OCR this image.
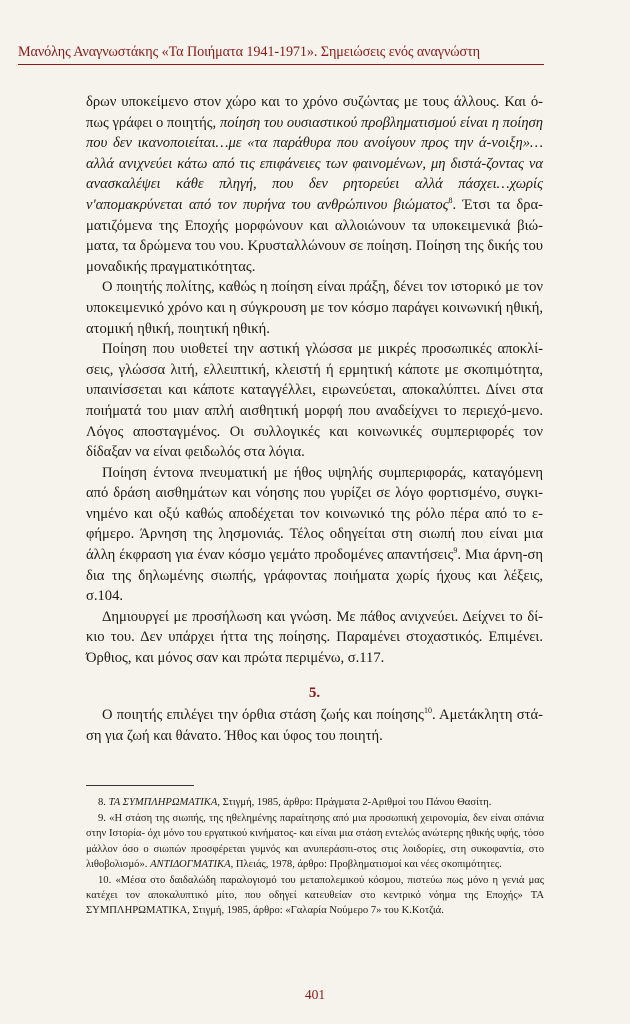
Μανόλης Αναγνωστάκης «Τα Ποιήματα 1941-1971». Σημειώσεις ενός αναγνώστη

δρων υποκείμενο στον χώρο και το χρόνο συζώντας με τους άλλους. Και ό-πως γράφει ο ποιητής, ποίηση του ουσιαστικού προβληματισμού είναι η ποίηση που δεν ικανοποιείται…με «τα παράθυρα που ανοίγουν προς την ά-νοιξη»…αλλά ανιχνεύει κάτω από τις επιφάνειες των φαινομένων, μη διστά-ζοντας να ανασκαλέψει κάθε πληγή, που δεν ρητορεύει αλλά πάσχει…χωρίς ν'απομακρύνεται από τον πυρήνα του ανθρώπινου βιώματος$^8$. Έτσι τα δρα-ματιζόμενα της Εποχής μορφώνουν και αλλοιώνουν τα υποκειμενικά βιώ-ματα, τα δρώμενα του νου. Κρυσταλλώνουν σε ποίηση. Ποίηση της δικής του μοναδικής πραγματικότητας.

Ο ποιητής πολίτης, καθώς η ποίηση είναι πράξη, δένει τον ιστορικό με τον υποκειμενικό χρόνο και η σύγκρουση με τον κόσμο παράγει κοινωνική ηθική, ατομική ηθική, ποιητική ηθική.

Ποίηση που υιοθετεί την αστική γλώσσα με μικρές προσωπικές αποκλί-σεις, γλώσσα λιτή, ελλειπτική, κλειστή ή ερμητική κάποτε με σκοπιμότητα, υπαινίσσεται και κάποτε καταγγέλλει, ειρωνεύεται, αποκαλύπτει. Δίνει στα ποιήματά του μιαν απλή αισθητική μορφή που αναδείχνει το περιεχό-μενο. Λόγος αποσταγμένος. Οι συλλογικές και κοινωνικές συμπεριφορές τον δίδαξαν να είναι φειδωλός στα λόγια.

Ποίηση έντονα πνευματική με ήθος υψηλής συμπεριφοράς, καταγόμενη από δράση αισθημάτων και νόησης που γυρίζει σε λόγο φορτισμένο, συγκι-νημένο και οξύ καθώς αποδέχεται τον κοινωνικό της ρόλο πέρα από το ε-φήμερο. Άρνηση της λησμονιάς. Τέλος οδηγείται στη σιωπή που είναι μια άλλη έκφραση για έναν κόσμο γεμάτο προδομένες απαντήσεις$^9$. Μια άρνη-ση δια της δηλωμένης σιωπής, γράφοντας ποιήματα χωρίς ήχους και λέξεις, σ.104.

Δημιουργεί με προσήλωση και γνώση. Με πάθος ανιχνεύει. Δείχνει το δί-κιο του. Δεν υπάρχει ήττα της ποίησης. Παραμένει στοχαστικός. Επιμένει. Όρθιος, και μόνος σαν και πρώτα περιμένω, σ.117.

5.

Ο ποιητής επιλέγει την όρθια στάση ζωής και ποίησης$^{10}$. Αμετάκλητη στά-ση για ζωή και θάνατο. Ήθος και ύφος του ποιητή.

8. ΤΑ ΣΥΜΠΛΗΡΩΜΑΤΙΚΑ, Στιγμή, 1985, άρθρο: Πράγματα 2-Αριθμοί του Πάνου Θασίτη.

9. «Η στάση της σιωπής, της ηθελημένης παραίτησης από μια προσωπική χειρονομία, δεν είναι σπάνια στην Ιστορία- όχι μόνο του εργατικού κινήματος- και είναι μια στάση εντελώς ανώτερης ηθικής υφής, τόσο μάλλον όσο ο σιωπών προσφέρεται γυμνός και ανυπεράσπι-στος στις λοιδορίες, στη συκοφαντία, στο λιθοβολισμό». ΑΝΤΙΔΟΓΜΑΤΙΚΑ, Πλειάς, 1978, άρθρο: Προβληματισμοί και νέες σκοπιμότητες.

10. «Μέσα στο δαιδαλώδη παραλογισμό του μεταπολεμικού κόσμου, πιστεύω πως μόνο η γενιά μας κατέχει τον αποκαλυπτικό μίτο, που οδηγεί κατευθείαν στο κεντρικό νόημα της Εποχής» ΤΑ ΣΥΜΠΛΗΡΩΜΑΤΙΚΑ, Στιγμή, 1985, άρθρο: «Γαλαρία Νούμερο 7» του Κ.Κοτζιά.

401
